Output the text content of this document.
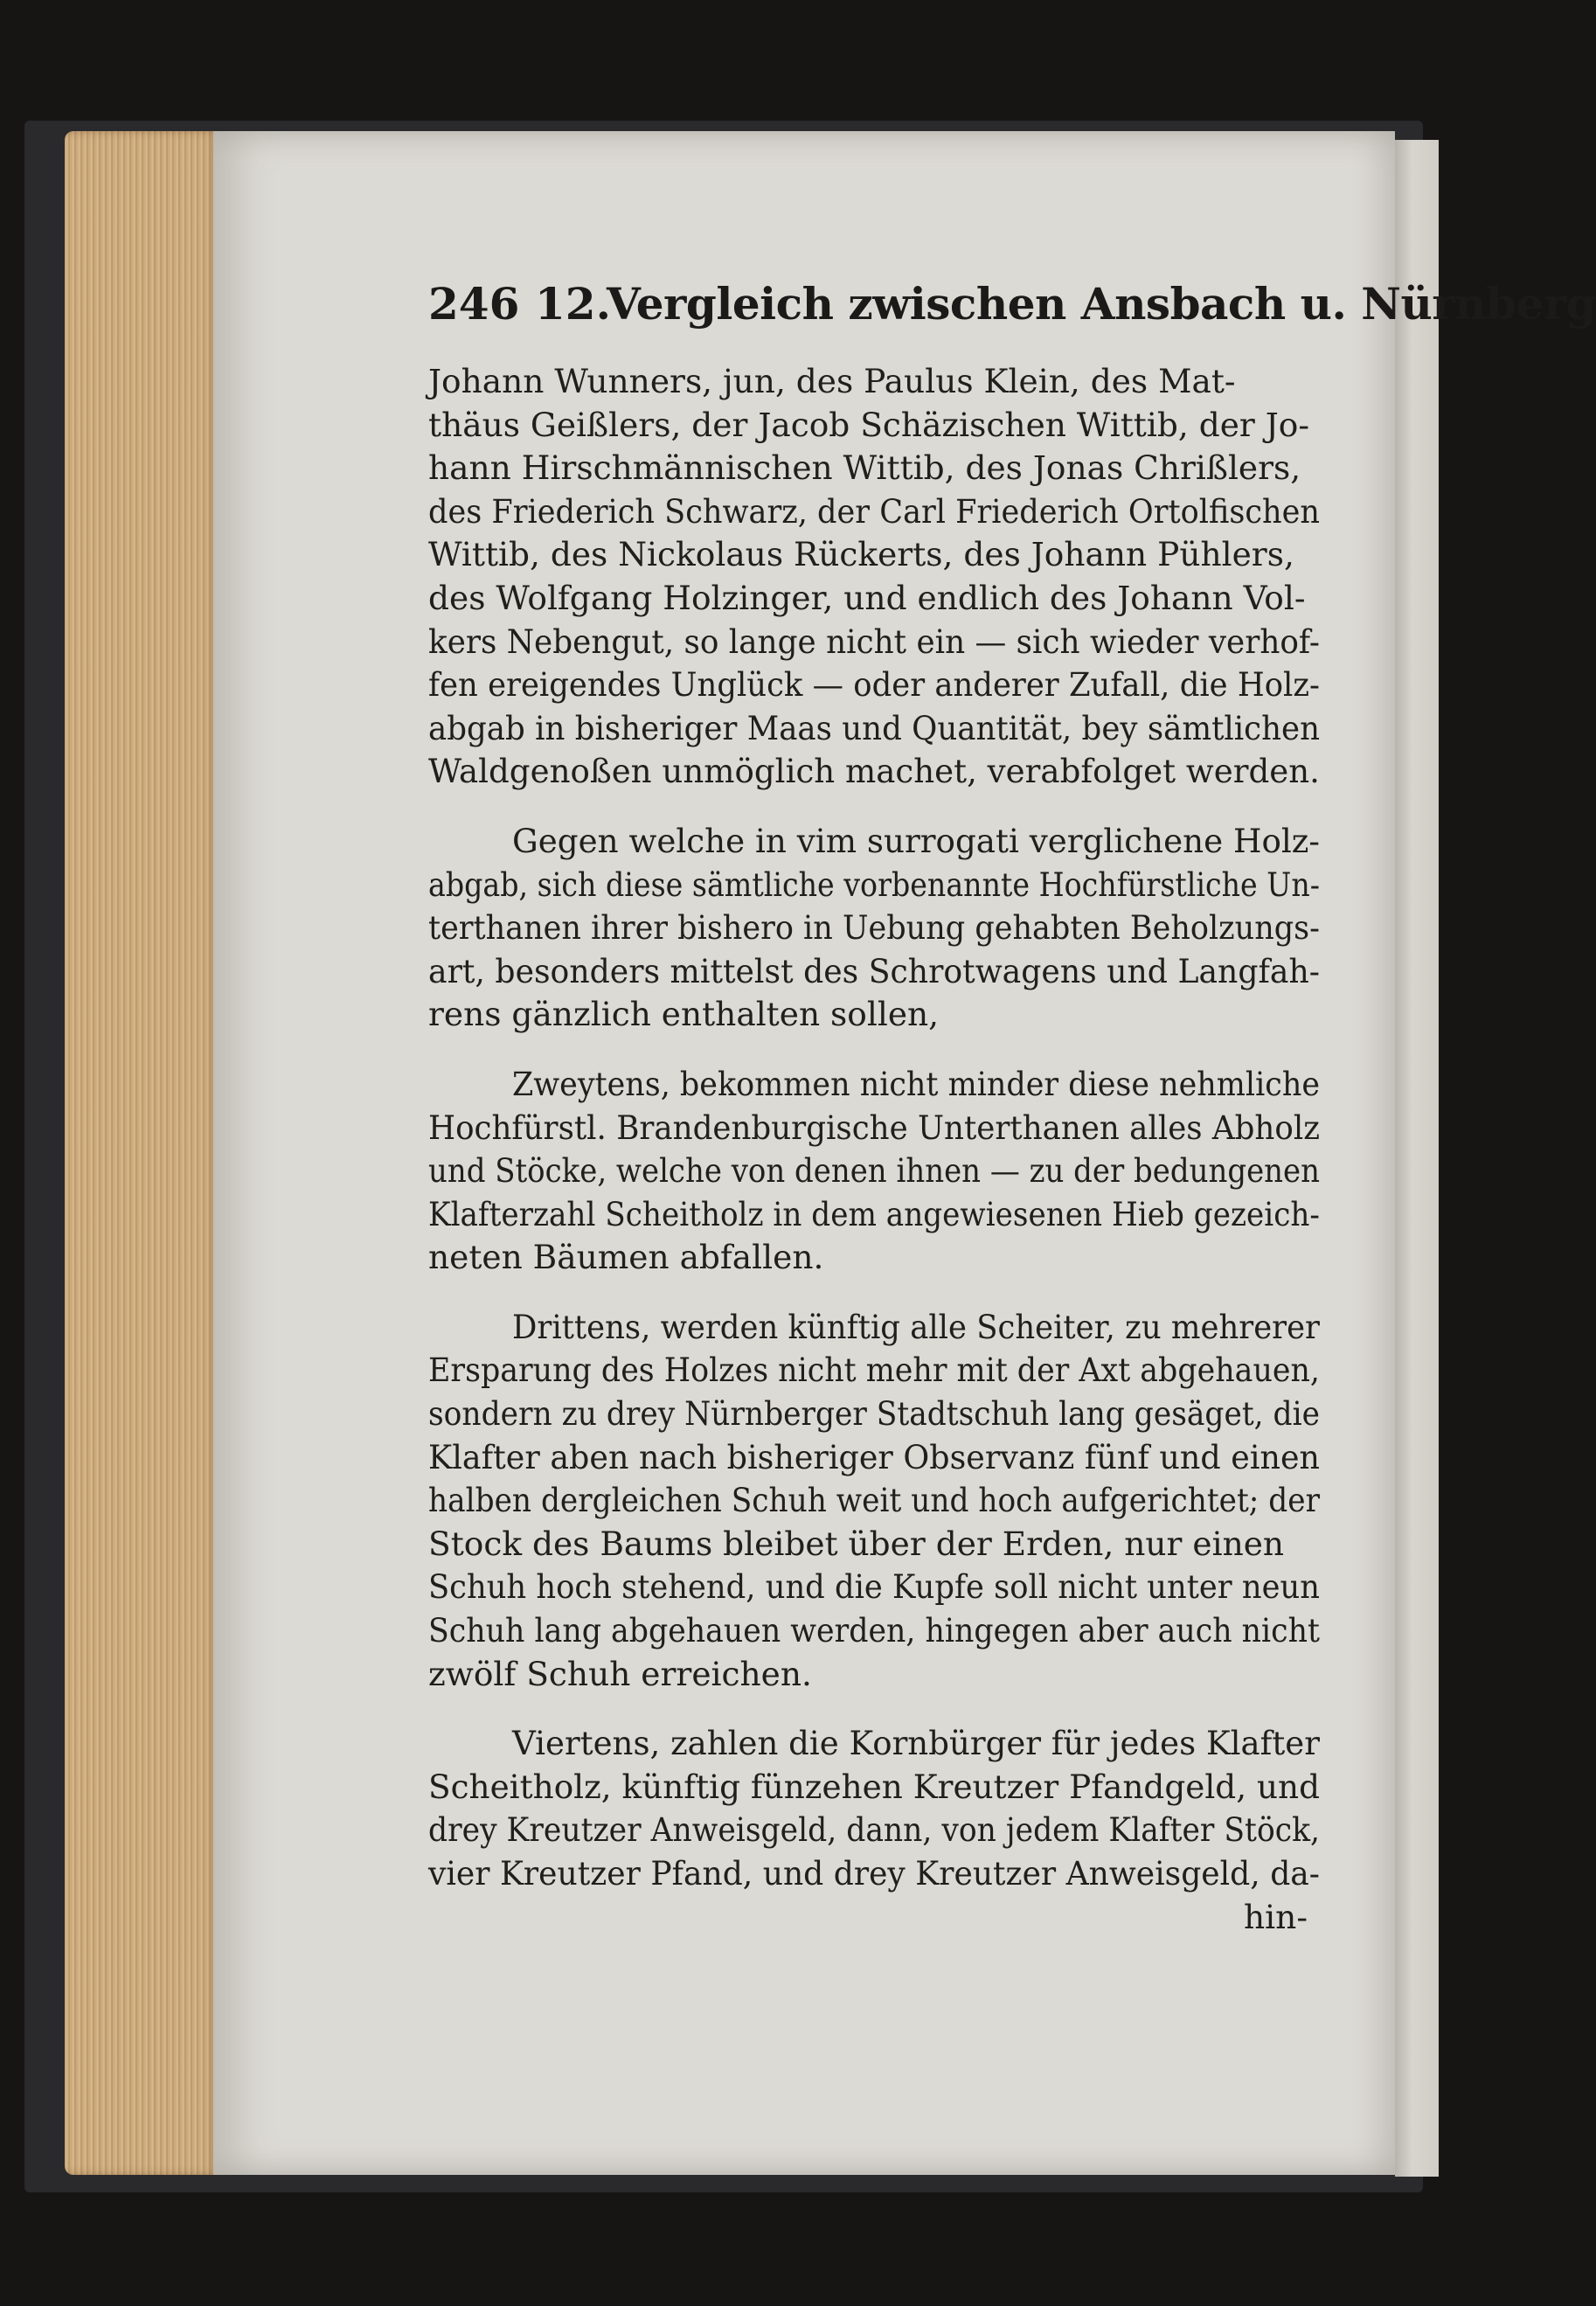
246 12.
Vergleich zwischen Ansbach u. Nürnberg
Johann Wunners, jun, des Paulus Klein, des Mat-
thäus Geißlers, der Jacob Schäzischen Wittib, der Jo-
hann Hirschmännischen Wittib, des Jonas Chrißlers,
des Friederich Schwarz, der Carl Friederich Ortolfischen
Wittib, des Nickolaus Rückerts, des Johann Pühlers,
des Wolfgang Holzinger, und endlich des Johann Vol-
kers Nebengut, so lange nicht ein — sich wieder verhof-
fen ereigendes Unglück — oder anderer Zufall, die Holz-
abgab in bisheriger Maas und Quantität, bey sämtlichen
Waldgenoßen unmöglich machet, verabfolget werden.
Gegen welche in vim surrogati verglichene Holz-
abgab, sich diese sämtliche vorbenannte Hochfürstliche Un-
terthanen ihrer bishero in Uebung gehabten Beholzungs-
art, besonders mittelst des Schrotwagens und Langfah-
rens gänzlich enthalten sollen,
Zweytens, bekommen nicht minder diese nehmliche
Hochfürstl. Brandenburgische Unterthanen alles Abholz
und Stöcke, welche von denen ihnen — zu der bedungenen
Klafterzahl Scheitholz in dem angewiesenen Hieb gezeich-
neten Bäumen abfallen.
Drittens, werden künftig alle Scheiter, zu mehrerer
Ersparung des Holzes nicht mehr mit der Axt abgehauen,
sondern zu drey Nürnberger Stadtschuh lang gesäget, die
Klafter aben nach bisheriger Observanz fünf und einen
halben dergleichen Schuh weit und hoch aufgerichtet; der
Stock des Baums bleibet über der Erden, nur einen
Schuh hoch stehend, und die Kupfe soll nicht unter neun
Schuh lang abgehauen werden, hingegen aber auch nicht
zwölf Schuh erreichen.
Viertens, zahlen die Kornbürger für jedes Klafter
Scheitholz, künftig fünzehen Kreutzer Pfandgeld, und
drey Kreutzer Anweisgeld, dann, von jedem Klafter Stöck,
vier Kreutzer Pfand, und drey Kreutzer Anweisgeld, da-
hin-
